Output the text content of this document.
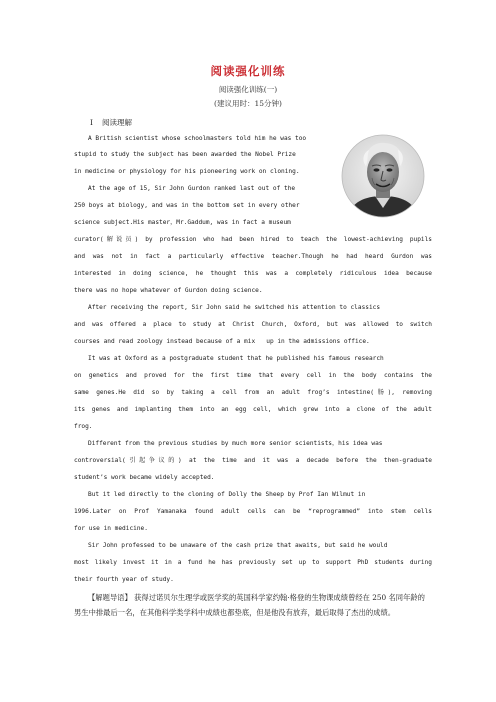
阅读强化训练
阅读强化训练(一)
(建议用时：15分钟)
Ⅰ 阅读理解
A British scientist whose schoolmasters told him he was too
stupid to study the subject has been awarded the Nobel Prize
in medicine or physiology for his pioneering work on cloning.
At the age of 15, Sir John Gurdon ranked last out of the
250 boys at biology, and was in the bottom set in every other
science subject.His master，Mr.Gaddum, was in fact a museum
curator(解说员) by profession who had been hired to teach the lowest-achieving pupils
and was not in fact a particularly effective teacher.Though he had heard Gurdon was
interested in doing science, he thought this was a completely ridiculous idea because
there was no hope whatever of Gurdon doing science.
After receiving the report, Sir John said he switched his attention to classics
and was offered a place to study at Christ Church, Oxford, but was allowed to switch
courses and read zoology instead because of a mix   up in the admissions office.
It was at Oxford as a postgraduate student that he published his famous research
on genetics and proved for the first time that every cell in the body contains the
same genes.He did so by taking a cell from an adult frog’s intestine(肠), removing
its genes and implanting them into an egg cell, which grew into a clone of the adult
frog.
Different from the previous studies by much more senior scientists，his idea was
controversial(引起争议的) at the time and it was a decade before the then-graduate
student’s work became widely accepted.
But it led directly to the cloning of Dolly the Sheep by Prof Ian Wilmut in
1996.Later on Prof Yamanaka found adult cells can be “reprogrammed” into stem cells
for use in medicine.
Sir John professed to be unaware of the cash prize that awaits, but said he would
most likely invest it in a fund he has previously set up to support PhD students during
their fourth year of study.
【解题导语】 获得过诺贝尔生理学或医学奖的英国科学家约翰·格登的生物课成绩曾经在 250 名同年龄的男生中排最后一名，在其他科学类学科中成绩也都垫底，但是他没有放弃，最后取得了杰出的成绩。
